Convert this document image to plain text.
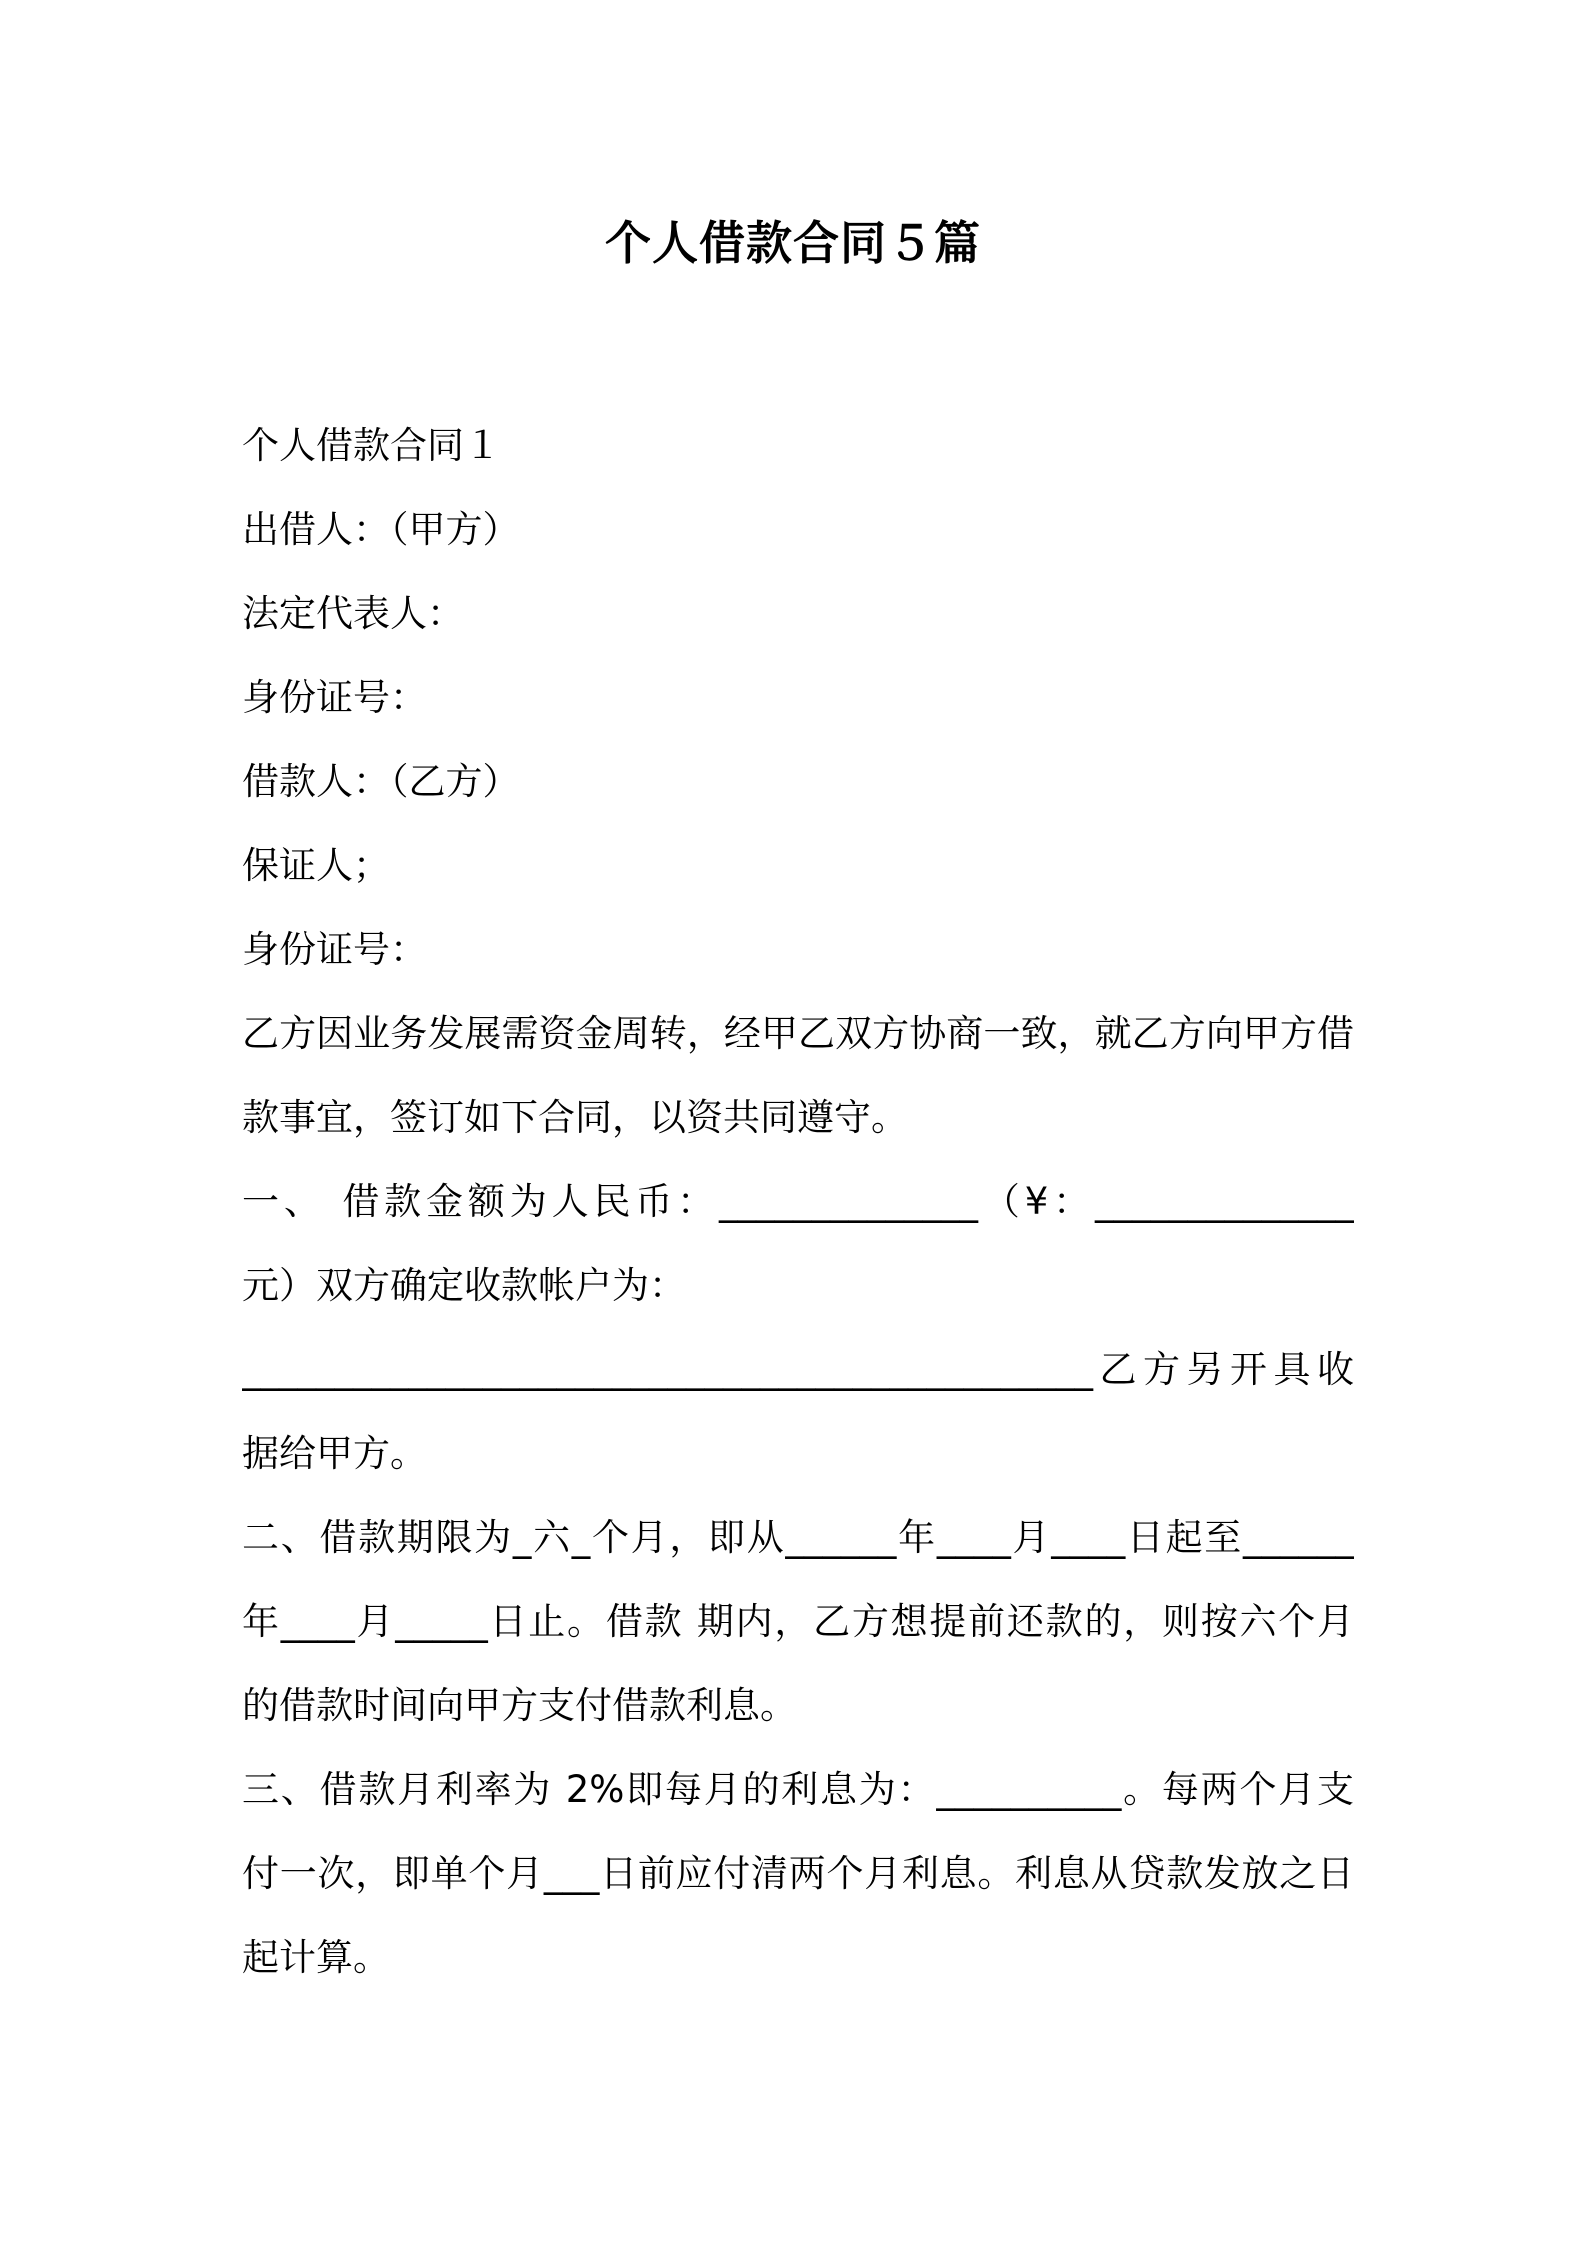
个人借款合同５篇
个人借款合同１
出借人：（甲方）
法定代表人：
身份证号：
借款人：（乙方）
保证人；
身份证号：
乙方因业务发展需资金周转，经甲乙双方协商一致，就乙方向甲方借
款事宜，签订如下合同，以资共同遵守。
一、 借款金额为人民币：______________（¥：______________
元）双方确定收款帐户为：
______________________________________________乙方另开具收
据给甲方。
二、借款期限为_六_个月，即从______年____月____日起至______
年____月_____日止。借款 期内，乙方想提前还款的，则按六个月
的借款时间向甲方支付借款利息。
三、借款月利率为 2%即每月的利息为：__________。每两个月支
付一次，即单个月___日前应付清两个月利息。利息从贷款发放之日
起计算。
